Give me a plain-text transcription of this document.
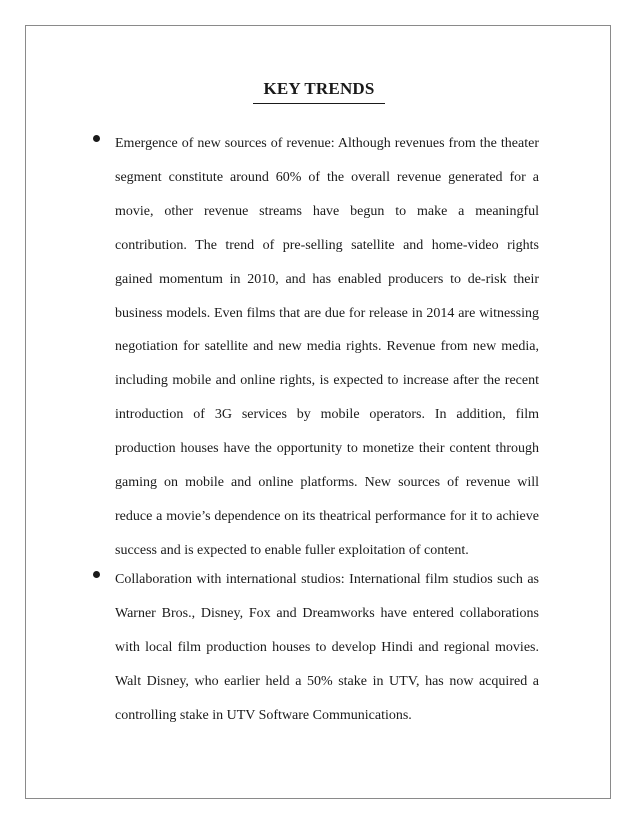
KEY TRENDS
Emergence of new sources of revenue: Although revenues from the theater segment constitute around 60% of the overall revenue generated for a movie, other revenue streams have begun to make a meaningful contribution. The trend of pre-selling satellite and home-video rights gained momentum in 2010, and has enabled producers to de-risk their business models. Even films that are due for release in 2014 are witnessing negotiation for satellite and new media rights. Revenue from new media, including mobile and online rights, is expected to increase after the recent introduction of 3G services by mobile operators. In addition, film production houses have the opportunity to monetize their content through gaming on mobile and online platforms. New sources of revenue will reduce a movie’s dependence on its theatrical performance for it to achieve success and is expected to enable fuller exploitation of content.
Collaboration with international studios: International film studios such as Warner Bros., Disney, Fox and Dreamworks have entered collaborations with local film production houses to develop Hindi and regional movies. Walt Disney, who earlier held a 50% stake in UTV, has now acquired a controlling stake in UTV Software Communications.
